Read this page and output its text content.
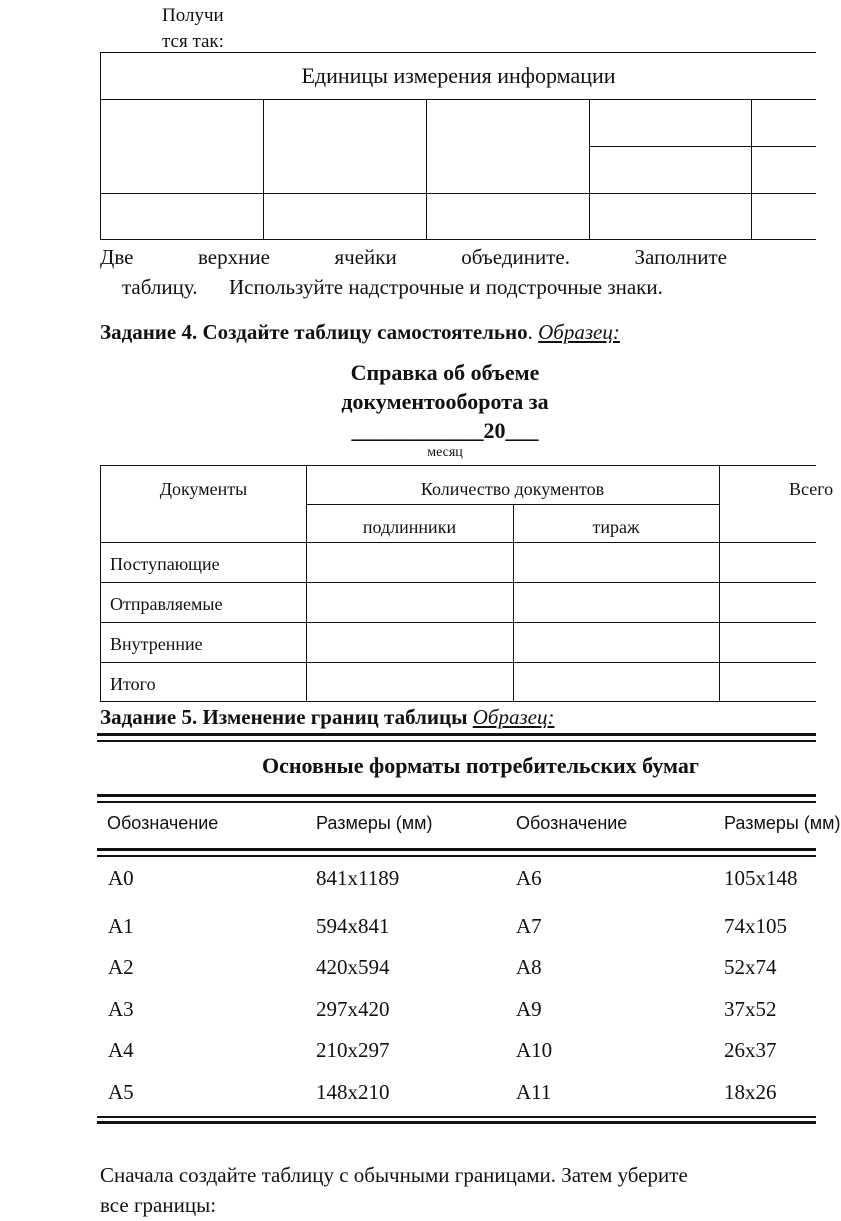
Получи
тся так:
Единицы измерения информации
Две	верхние	ячейки	объедините.	Заполните
таблицу.      Используйте надстрочные и подстрочные знаки.
Задание 4. Создайте таблицу самостоятельно. Образец:
Справка об объеме
документооборота за
____________20___
месяц
Документы	Количество документов	Всего
подлинники	тираж
Поступающие
Отправляемые
Внутренние
Итого
Задание 5. Изменение границ таблицы Образец:
Основные форматы потребительских бумаг
Обозначение	Размеры (мм)	Обозначение	Размеры (мм)
А0	841х1189	А6	105х148
А1	594х841	А7	74х105
А2	420х594	А8	52х74
А3	297х420	А9	37х52
А4	210х297	А10	26х37
А5	148х210	А11	18х26
Сначала создайте таблицу с обычными границами. Затем уберите
все границы:
